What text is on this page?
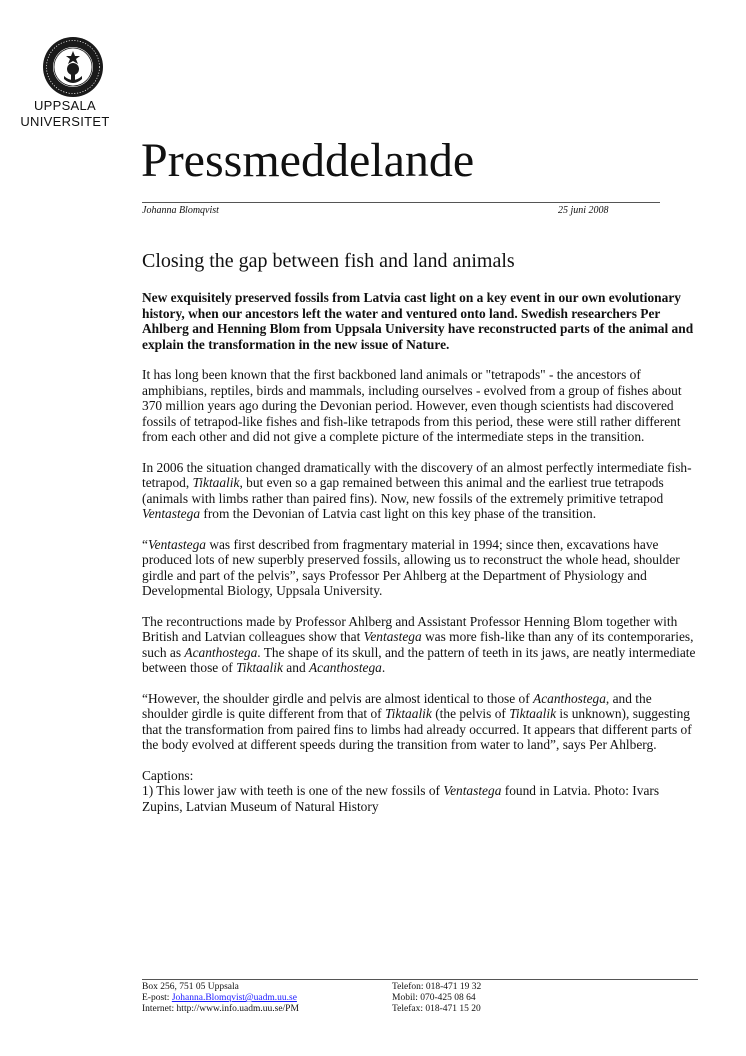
UPPSALA
UNIVERSITET
Pressmeddelande
Johanna Blomqvist	25 juni 2008
Closing the gap between fish and land animals

New exquisitely preserved fossils from Latvia cast light on a key event in our own evolutionary history, when our ancestors left the water and ventured onto land. Swedish researchers Per Ahlberg and Henning Blom from Uppsala University have reconstructed parts of the animal and explain the transformation in the new issue of Nature.

It has long been known that the first backboned land animals or "tetrapods" - the ancestors of amphibians, reptiles, birds and mammals, including ourselves - evolved from a group of fishes about 370 million years ago during the Devonian period. However, even though scientists had discovered fossils of tetrapod-like fishes and fish-like tetrapods from this period, these were still rather different from each other and did not give a complete picture of the intermediate steps in the transition.

In 2006 the situation changed dramatically with the discovery of an almost perfectly intermediate fish-tetrapod, Tiktaalik, but even so a gap remained between this animal and the earliest true tetrapods (animals with limbs rather than paired fins). Now, new fossils of the extremely primitive tetrapod Ventastega from the Devonian of Latvia cast light on this key phase of the transition.

“Ventastega was first described from fragmentary material in 1994; since then, excavations have produced lots of new superbly preserved fossils, allowing us to reconstruct the whole head, shoulder girdle and part of the pelvis”, says Professor Per Ahlberg at the Department of Physiology and Developmental Biology, Uppsala University.

The recontructions made by Professor Ahlberg and Assistant Professor Henning Blom together with British and Latvian colleagues show that Ventastega was more fish-like than any of its contemporaries, such as Acanthostega. The shape of its skull, and the pattern of teeth in its jaws, are neatly intermediate between those of Tiktaalik and Acanthostega.

“However, the shoulder girdle and pelvis are almost identical to those of Acanthostega, and the shoulder girdle is quite different from that of Tiktaalik (the pelvis of Tiktaalik is unknown), suggesting that the transformation from paired fins to limbs had already occurred. It appears that different parts of the body evolved at different speeds during the transition from water to land”, says Per Ahlberg.

Captions:

1) This lower jaw with teeth is one of the new fossils of Ventastega found in Latvia. Photo: Ivars Zupins, Latvian Museum of Natural History

Box 256, 751 05 Uppsala
E-post: Johanna.Blomqvist@uadm.uu.se
Internet: http://www.info.uadm.uu.se/PM
Telefon: 018-471 19 32
Mobil: 070-425 08 64
Telefax: 018-471 15 20
